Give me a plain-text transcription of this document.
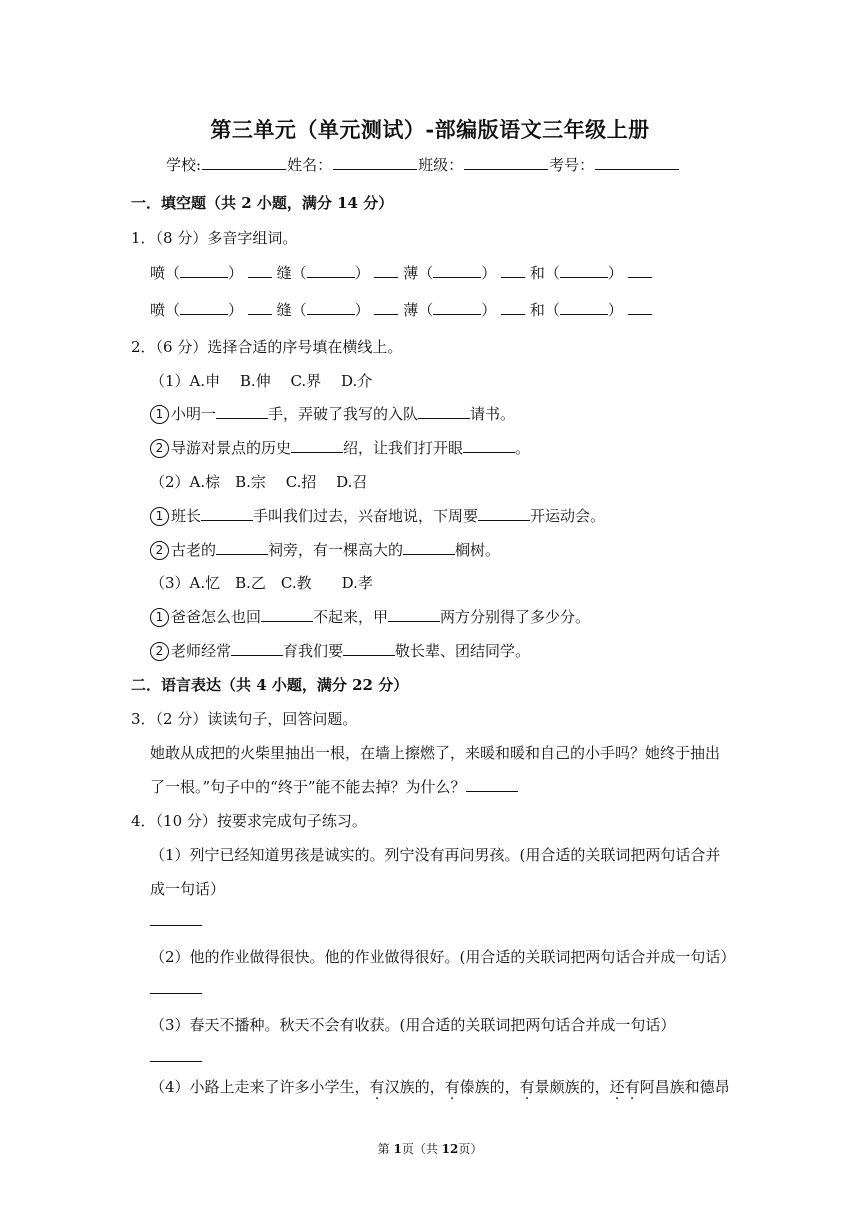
第三单元（单元测试）-部编版语文三年级上册
学校:	姓名：	班级：	考号：
一．填空题（共 2 小题，满分 14 分）
1．（8 分）多音字组词。
喷（	） 缝（	） 薄（	） 和（	）
喷（	） 缝（	） 薄（	） 和（	）
2．（6 分）选择合适的序号填在横线上。
（1）A.申　 B.伸　 C.界　 D.介
1 小明一	手，弄破了我写的入队	请书。
2 导游对景点的历史	绍，让我们打开眼	。
（2）A.棕　B.宗　 C.招　 D.召
1 班长	手叫我们过去，兴奋地说，下周要	开运动会。
2 古老的	祠旁，有一棵高大的	榈树。
（3）A.忆　B.乙　C.教　　D.孝
1 爸爸怎么也回	不起来，甲	两方分别得了多少分。
2 老师经常	育我们要	敬长辈、团结同学。
二．语言表达（共 4 小题，满分 22 分）
3．（2 分）读读句子，回答问题。
她敢从成把的火柴里抽出一根，在墙上擦燃了，来暖和暖和自己的小手吗？她终于抽出
了一根。”句子中的“终于”能不能去掉？为什么？
4．（10 分）按要求完成句子练习。
（1）列宁已经知道男孩是诚实的。列宁没有再问男孩。(用合适的关联词把两句话合并
成一句话）
（2）他的作业做得很快。他的作业做得很好。(用合适的关联词把两句话合并成一句话）
（3）春天不播种。秋天不会有收获。(用合适的关联词把两句话合并成一句话）
（4）小路上走来了许多小学生，有汉族的，有傣族的，有景颇族的，还有阿昌族和德昂
第 1页（共 12页）
